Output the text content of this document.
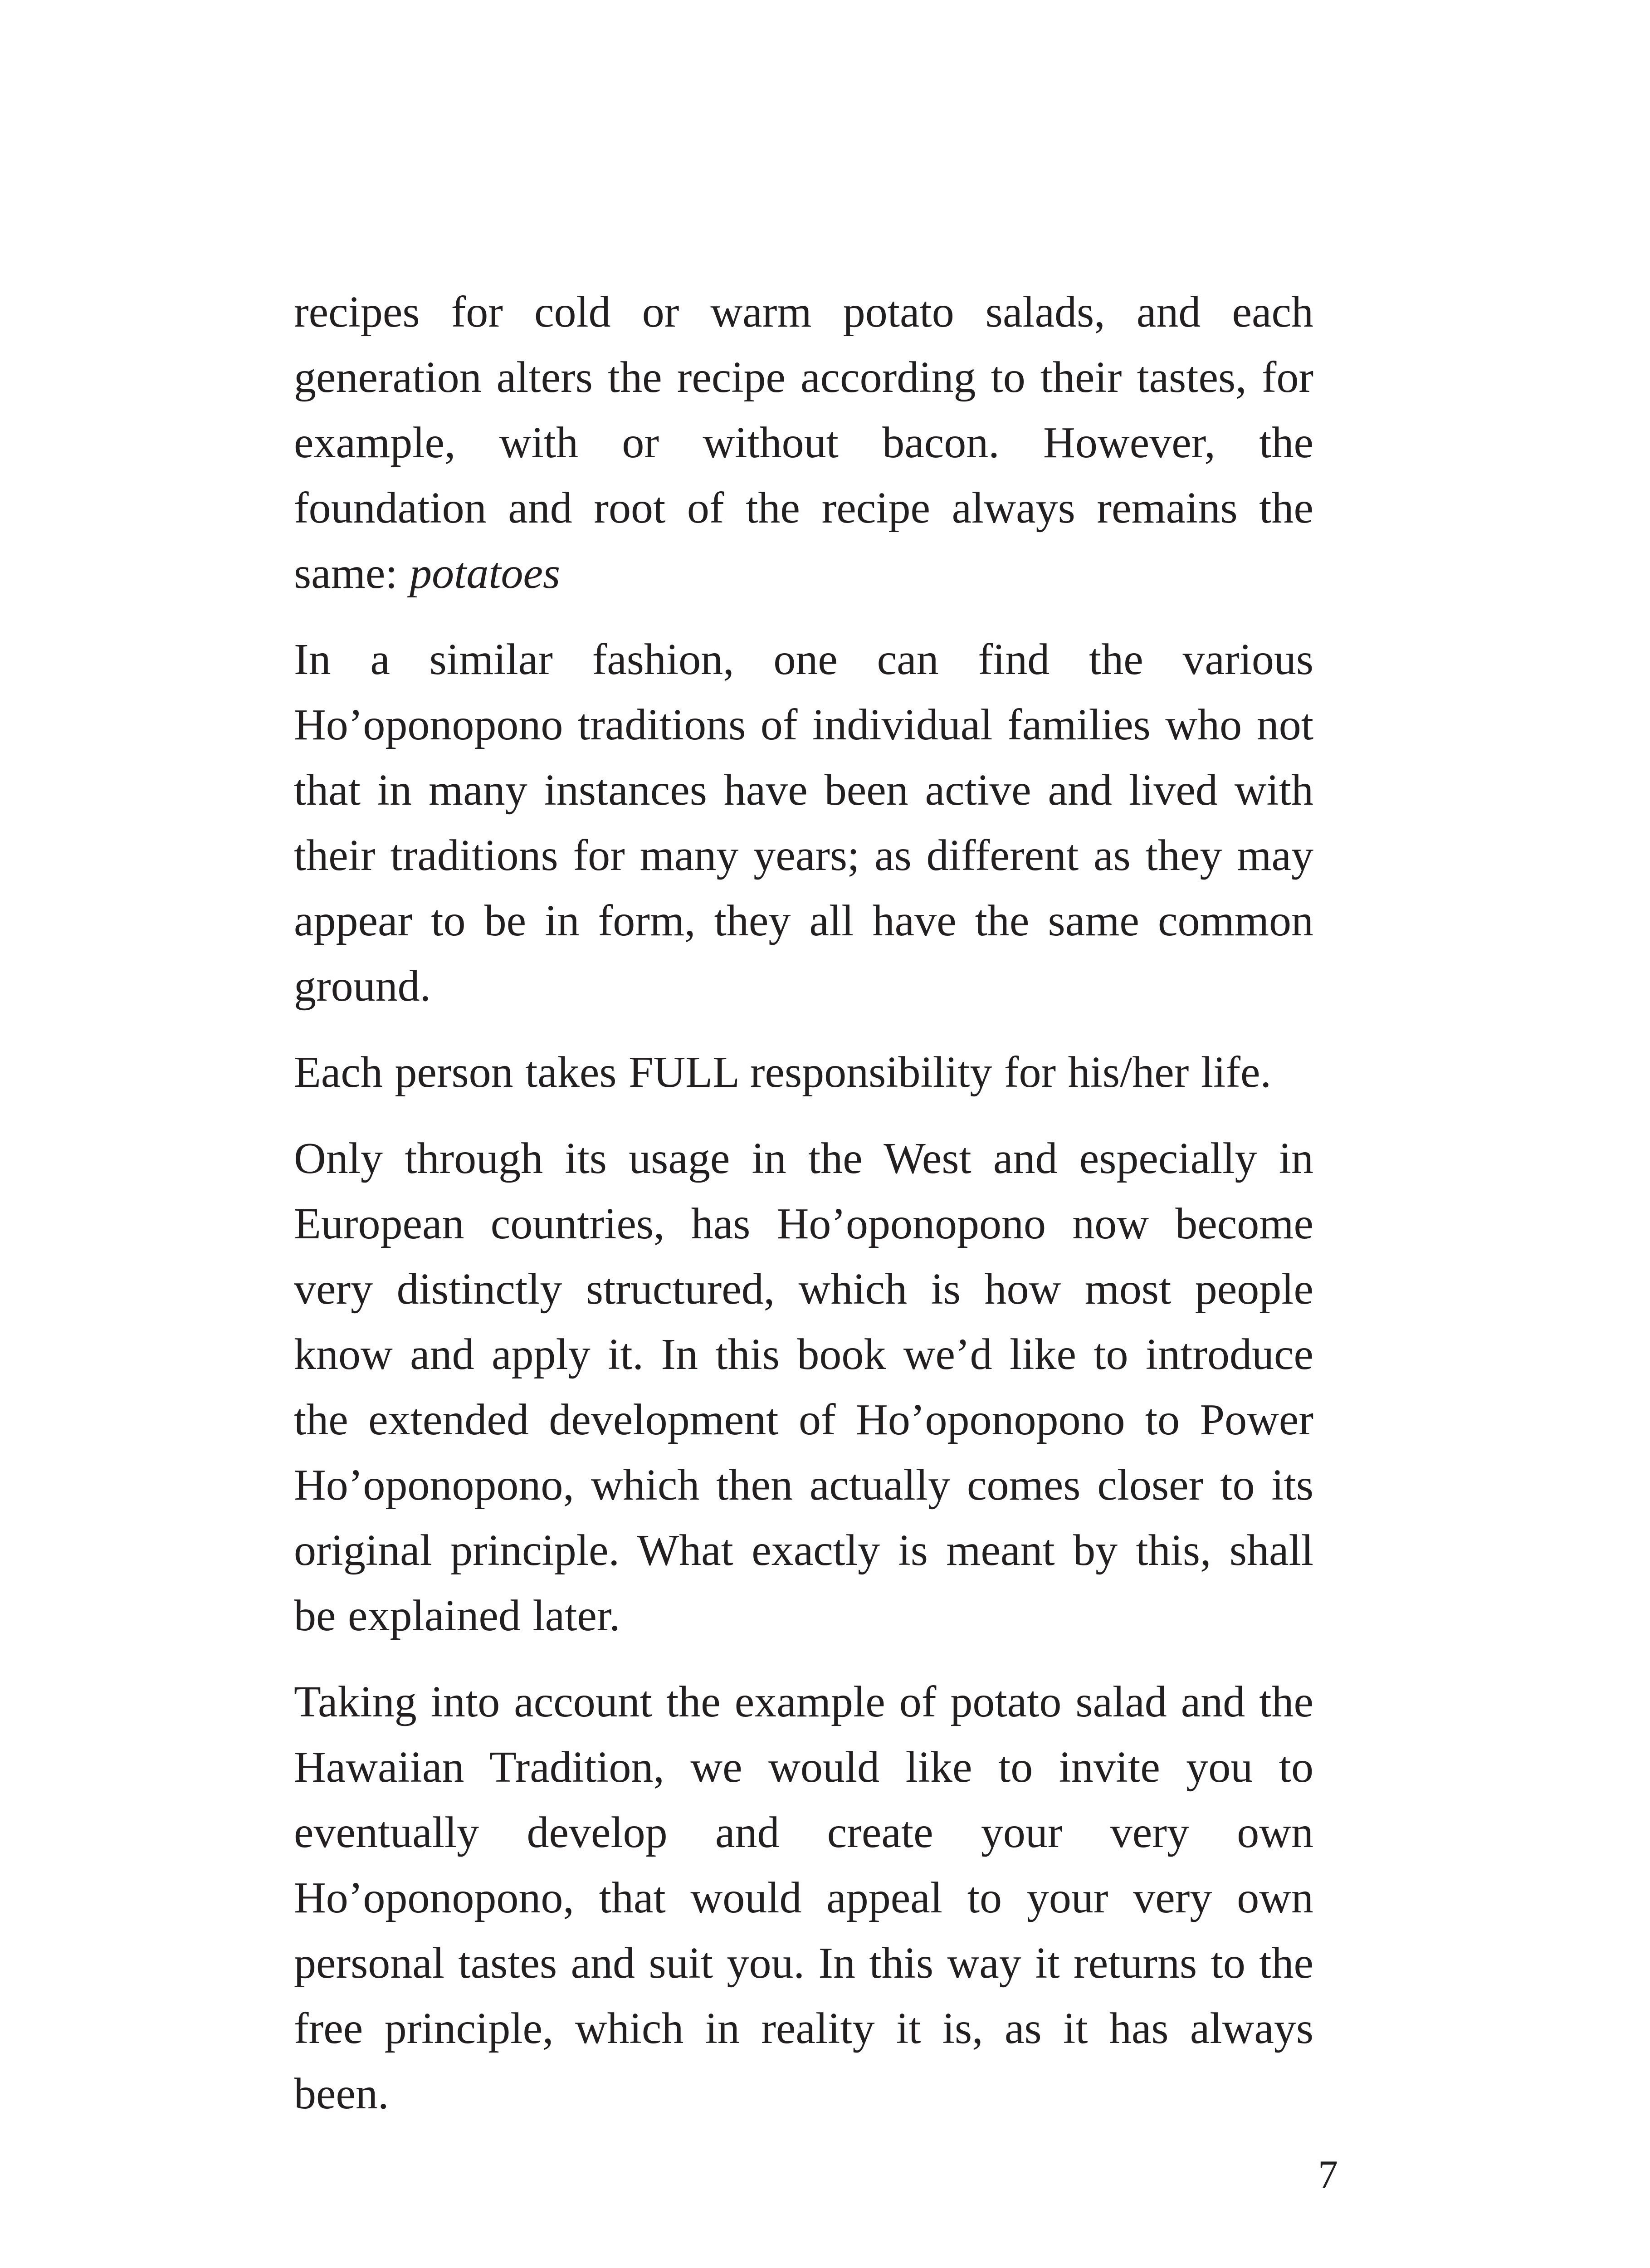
recipes for cold or warm potato salads, and each generation alters the recipe according to their tastes, for example, with or without bacon. However, the foundation and root of the recipe always remains the same: potatoes

In a similar fashion, one can find the various Ho’oponopono traditions of individual families who not that in many instances have been active and lived with their traditions for many years; as different as they may appear to be in form, they all have the same common ground.

Each person takes FULL responsibility for his/her life.

Only through its usage in the West and especially in European countries, has Ho’oponopono now become very distinctly structured, which is how most people know and apply it. In this book we’d like to introduce the extended development of Ho’oponopono to Power Ho’oponopono, which then actually comes closer to its original principle. What exactly is meant by this, shall be explained later.

Taking into account the example of potato salad and the Hawaiian Tradition, we would like to invite you to eventually develop and create your very own Ho’oponopono, that would appeal to your very own personal tastes and suit you. In this way it returns to the free principle, which in reality it is, as it has always been.

7
